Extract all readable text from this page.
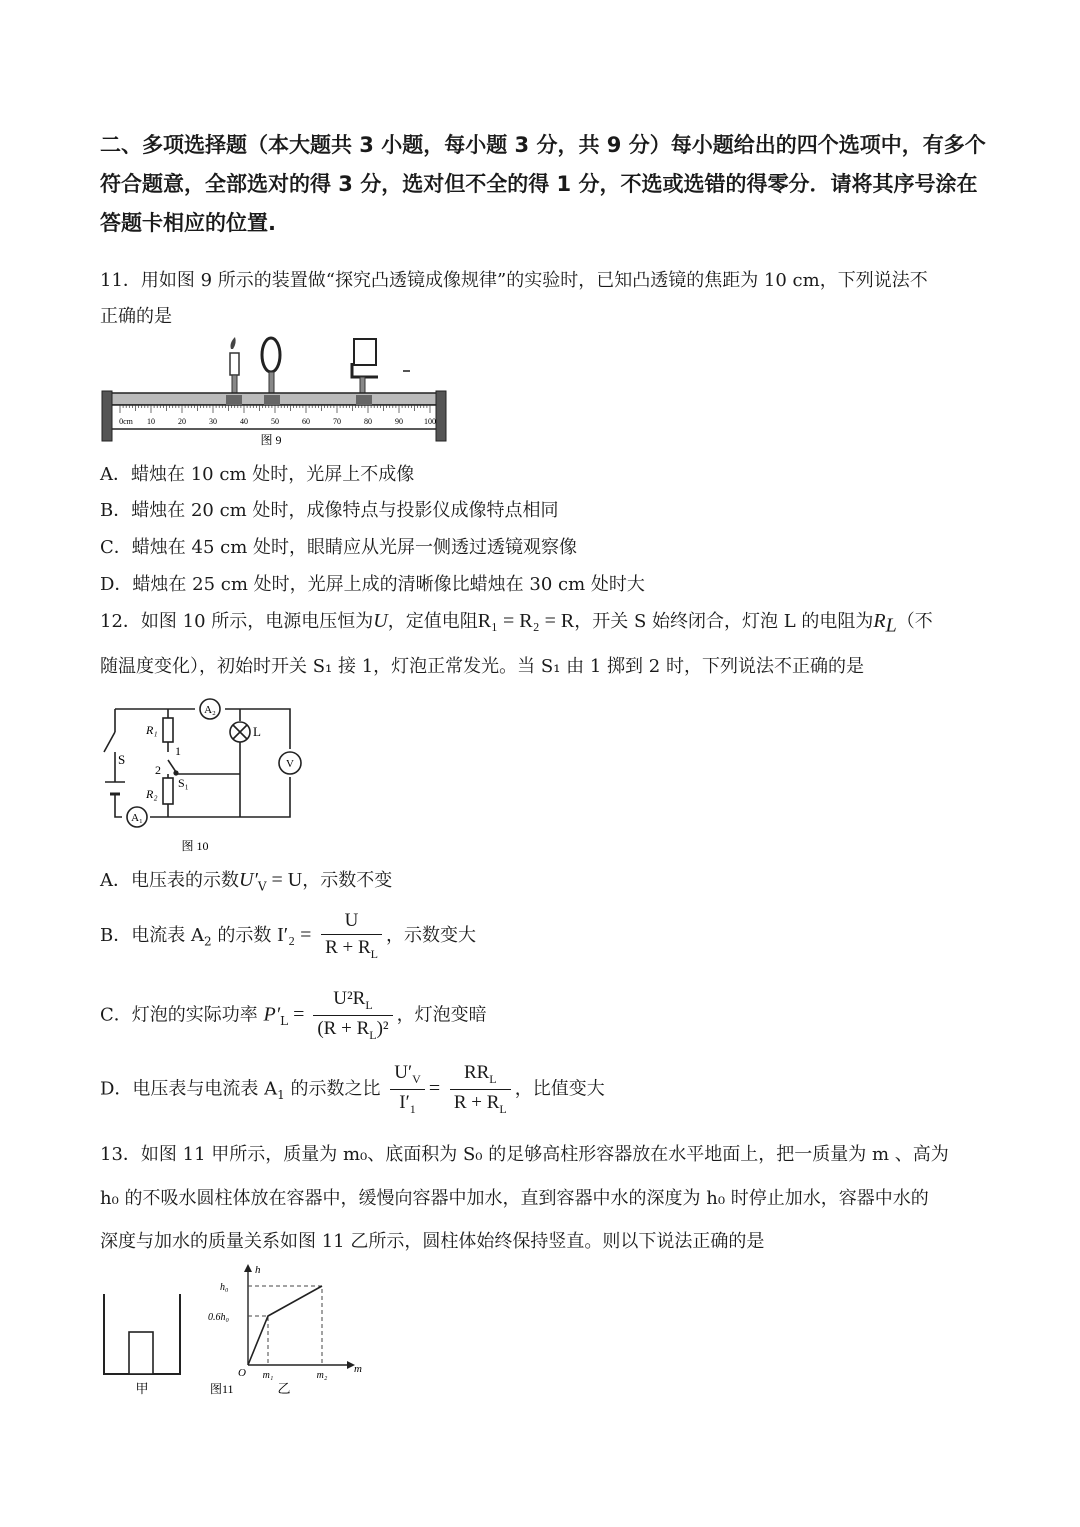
二、多项选择题（本大题共 3 小题，每小题 3 分，共 9 分）每小题给出的四个选项中，有多个符合题意，全部选对的得 3 分，选对但不全的得 1 分，不选或选错的得零分．请将其序号涂在答题卡相应的位置.
11．用如图 9 所示的装置做“探究凸透镜成像规律”的实验时，已知凸透镜的焦距为 10 cm，下列说法不
正确的是
0cm 10	20	30	40	50	60	70	80	90	100
图 9
A．蜡烛在 10 cm 处时，光屏上不成像
B．蜡烛在 20 cm 处时，成像特点与投影仪成像特点相同
C．蜡烛在 45 cm 处时，眼睛应从光屏一侧透过透镜观察像
D．蜡烛在 25 cm 处时，光屏上成的清晰像比蜡烛在 30 cm 处时大
12．如图 10 所示，电源电压恒为U，定值电阻R₁ = R₂ = R，开关 S 始终闭合，灯泡 L 的电阻为$R_L$（不
随温度变化），初始时开关 S₁ 接 1，灯泡正常发光。当 S₁ 由 1 掷到 2 时，下列说法不正确的是
A₂
A₁
V
L
S
R₁
R₂
1
2
S₁
图 10
A．电压表的示数$U'_V = U$，示数不变
B．电流表 $A_2$ 的示数 $I'_2 = \frac{U}{R + R_L}$ ，示数变大
C．灯泡的实际功率 $P'_L = \frac{U^2R_L}{(R + R_L)^2}$ ，灯泡变暗
D．电压表与电流表 $A_1$ 的示数之比 $\frac{U'_V}{I'_1} = \frac{RR_L}{R + R_L}$ ，比值变大
13．如图 11 甲所示，质量为 m₀、底面积为 S₀ 的足够高柱形容器放在水平地面上，把一质量为 m 、高为
h₀ 的不吸水圆柱体放在容器中，缓慢向容器中加水，直到容器中水的深度为 h₀ 时停止加水，容器中水的
深度与加水的质量关系如图 11 乙所示，圆柱体始终保持竖直。则以下说法正确的是
甲
h
m
O
h₀
0.6h₀
m₁	m₂
图11	乙
